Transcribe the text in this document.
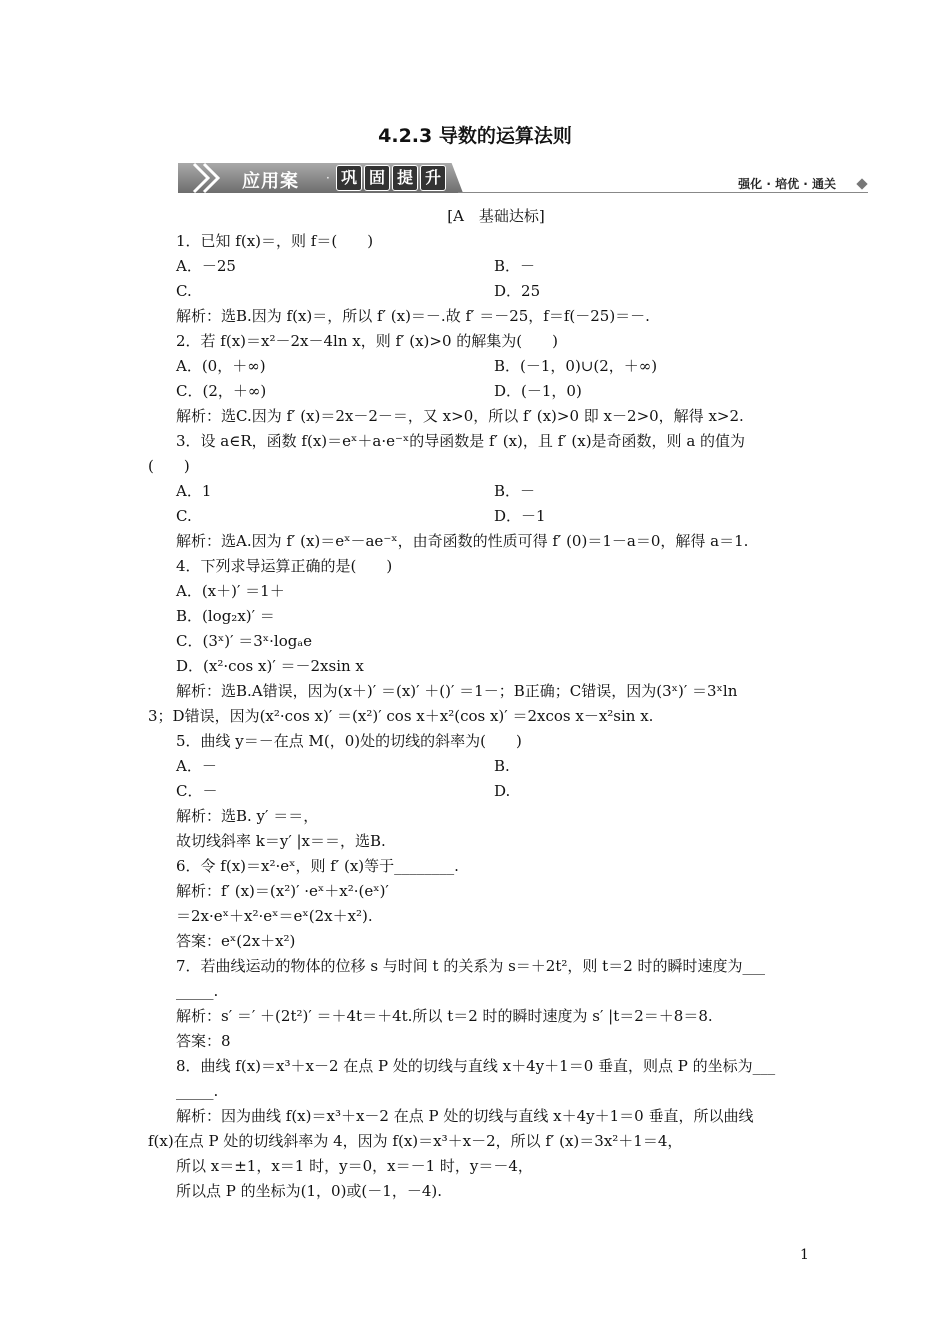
4.2.3 导数的运算法则
应用案 · 巩 固 提 升	强化 · 培优 · 通关
[A　基础达标]
1．已知 f(x)＝，则 f＝(　　)
A．－25	B．－
C.	D．25
解析：选B.因为 f(x)＝，所以 f′ (x)＝－.故 f′ ＝－25，f＝f(－25)＝－.
2．若 f(x)＝x²－2x－4ln x，则 f′ (x)>0 的解集为(　　)
A．(0，＋∞)	B．(－1，0)∪(2，＋∞)
C．(2，＋∞)	D．(－1，0)
解析：选C.因为 f′ (x)＝2x－2－＝，又 x>0，所以 f′ (x)>0 即 x－2>0，解得 x>2.
3．设 a∈R，函数 f(x)＝eˣ＋a·e⁻ˣ的导函数是 f′ (x)，且 f′ (x)是奇函数，则 a 的值为
(　　)
A．1	B．－
C.	D．－1
解析：选A.因为 f′ (x)＝eˣ－ae⁻ˣ，由奇函数的性质可得 f′ (0)＝1－a＝0，解得 a＝1.
4．下列求导运算正确的是(　　)
A．(x＋)′ ＝1＋
B．(log₂x)′ ＝
C．(3ˣ)′ ＝3ˣ·logₐe
D．(x²·cos x)′ ＝－2xsin x
解析：选B.A错误，因为(x＋)′ ＝(x)′ ＋()′ ＝1－；B正确；C错误，因为(3ˣ)′ ＝3ˣln
3；D错误，因为(x²·cos x)′ ＝(x²)′ cos x＋x²(cos x)′ ＝2xcos x－x²sin x.
5．曲线 y＝－在点 M(，0)处的切线的斜率为(　　)
A．－	B.
C．－	D.
解析：选B. y′ ＝＝，
故切线斜率 k＝y′ |x＝＝，选B.
6．令 f(x)＝x²·eˣ，则 f′ (x)等于________.
解析：f′ (x)＝(x²)′ ·eˣ＋x²·(eˣ)′
＝2x·eˣ＋x²·eˣ＝eˣ(2x＋x²).
答案：eˣ(2x＋x²)
7．若曲线运动的物体的位移 s 与时间 t 的关系为 s＝＋2t²，则 t＝2 时的瞬时速度为___
_____.
解析：s′ ＝′ ＋(2t²)′ ＝＋4t＝＋4t.所以 t＝2 时的瞬时速度为 s′ |t＝2＝＋8＝8.
答案：8
8．曲线 f(x)＝x³＋x－2 在点 P 处的切线与直线 x＋4y＋1＝0 垂直，则点 P 的坐标为___
_____.
解析：因为曲线 f(x)＝x³＋x－2 在点 P 处的切线与直线 x＋4y＋1＝0 垂直，所以曲线
f(x)在点 P 处的切线斜率为 4，因为 f(x)＝x³＋x－2，所以 f′ (x)＝3x²＋1＝4，
所以 x＝±1，x＝1 时，y＝0，x＝－1 时，y＝－4，
所以点 P 的坐标为(1，0)或(－1，－4).
1
